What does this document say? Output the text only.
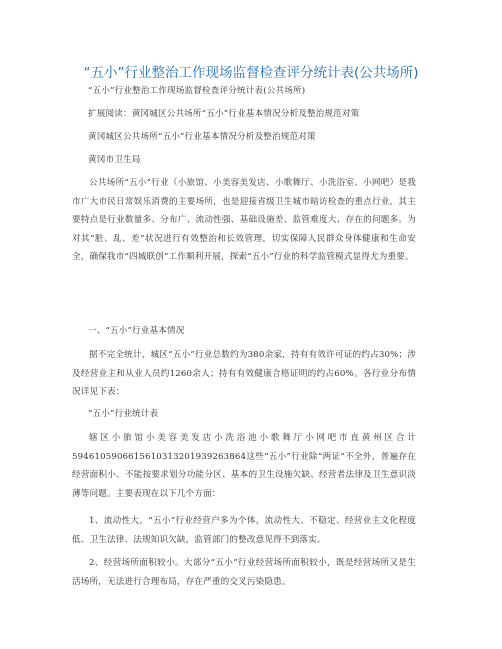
“五小”行业整治工作现场监督检查评分统计表(公共场所)

“五小”行业整治工作现场监督检查评分统计表(公共场所)

扩展阅读：黄冈城区公共场所“五小”行业基本情况分析及整治规范对策

黄冈城区公共场所“五小”行业基本情况分析及整治规范对策

黄冈市卫生局

公共场所“五小”行业（小旅馆、小美容美发店、小歌舞厅、小洗浴室、小网吧）是我市广大市民日常娱乐消费的主要场所，也是迎接省级卫生城市暗访检查的重点行业，其主要特点是行业数量多、分布广、流动性强、基础设施差、监管难度大、存在的问题多。为对其“脏、乱、差”状况进行有效整治和长效管理，切实保障人民群众身体健康和生命安全，确保我市“四城联创”工作顺利开展，探索“五小”行业的科学监管模式显得尤为重要。

一、“五小”行业基本情况

据不完全统计，城区“五小”行业总数约为380余家，持有有效许可证的约占30%；涉及经营业主和从业人员约1260余人；持有有效健康合格证明的约占60%。各行业分布情况详见下表：

“五小”行业统计表

辖区小旅馆小美容美发店小洗浴池小歌舞厅小网吧市直黄州区合计5946105906615610313201939263864这些“五小”行业除“两证”不全外，普遍存在经营面积小、不能按要求划分功能分区、基本的卫生设施欠缺、经营者法律及卫生意识淡薄等问题。主要表现在以下几个方面：

1、流动性大。“五小”行业经营户多为个体，流动性大、不稳定、经营业主文化程度低、卫生法律、法规知识欠缺，监管部门的整改意见得不到落实。

2、经营场所面积较小。大部分“五小”行业经营场所面积较小，既是经营场所又是生活场所，无法进行合理布局，存在严重的交叉污染隐患。
